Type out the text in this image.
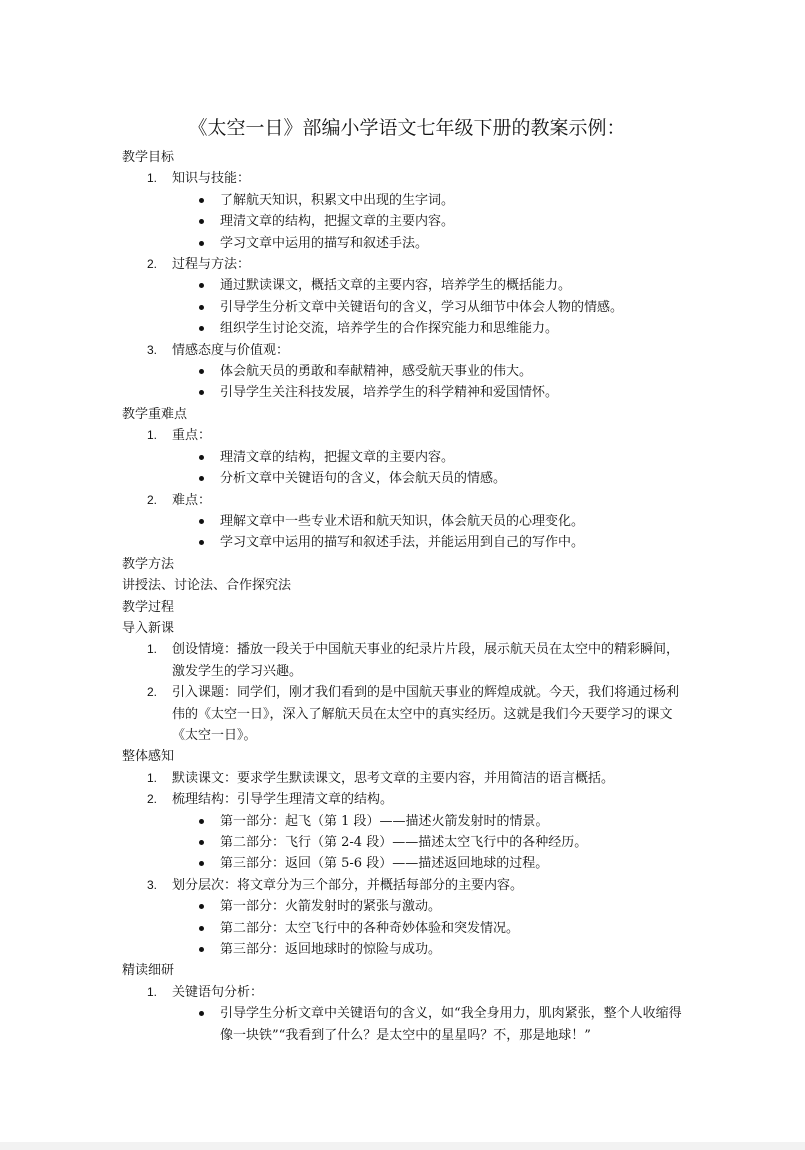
《太空一日》部编小学语文七年级下册的教案示例：
教学目标
1. 知识与技能：
了解航天知识，积累文中出现的生字词。
理清文章的结构，把握文章的主要内容。
学习文章中运用的描写和叙述手法。
2. 过程与方法：
通过默读课文，概括文章的主要内容，培养学生的概括能力。
引导学生分析文章中关键语句的含义，学习从细节中体会人物的情感。
组织学生讨论交流，培养学生的合作探究能力和思维能力。
3. 情感态度与价值观：
体会航天员的勇敢和奉献精神，感受航天事业的伟大。
引导学生关注科技发展，培养学生的科学精神和爱国情怀。
教学重难点
1. 重点：
理清文章的结构，把握文章的主要内容。
分析文章中关键语句的含义，体会航天员的情感。
2. 难点：
理解文章中一些专业术语和航天知识，体会航天员的心理变化。
学习文章中运用的描写和叙述手法，并能运用到自己的写作中。
教学方法
讲授法、讨论法、合作探究法
教学过程
导入新课
1. 创设情境：播放一段关于中国航天事业的纪录片片段，展示航天员在太空中的精彩瞬间，激发学生的学习兴趣。
2. 引入课题：同学们，刚才我们看到的是中国航天事业的辉煌成就。今天，我们将通过杨利伟的《太空一日》，深入了解航天员在太空中的真实经历。这就是我们今天要学习的课文《太空一日》。
整体感知
1. 默读课文：要求学生默读课文，思考文章的主要内容，并用简洁的语言概括。
2. 梳理结构：引导学生理清文章的结构。
第一部分：起飞（第 1 段）——描述火箭发射时的情景。
第二部分：飞行（第 2-4 段）——描述太空飞行中的各种经历。
第三部分：返回（第 5-6 段）——描述返回地球的过程。
3. 划分层次：将文章分为三个部分，并概括每部分的主要内容。
第一部分：火箭发射时的紧张与激动。
第二部分：太空飞行中的各种奇妙体验和突发情况。
第三部分：返回地球时的惊险与成功。
精读细研
1. 关键语句分析：
引导学生分析文章中关键语句的含义，如“我全身用力，肌肉紧张，整个人收缩得像一块铁”“我看到了什么？是太空中的星星吗？不，那是地球！”
